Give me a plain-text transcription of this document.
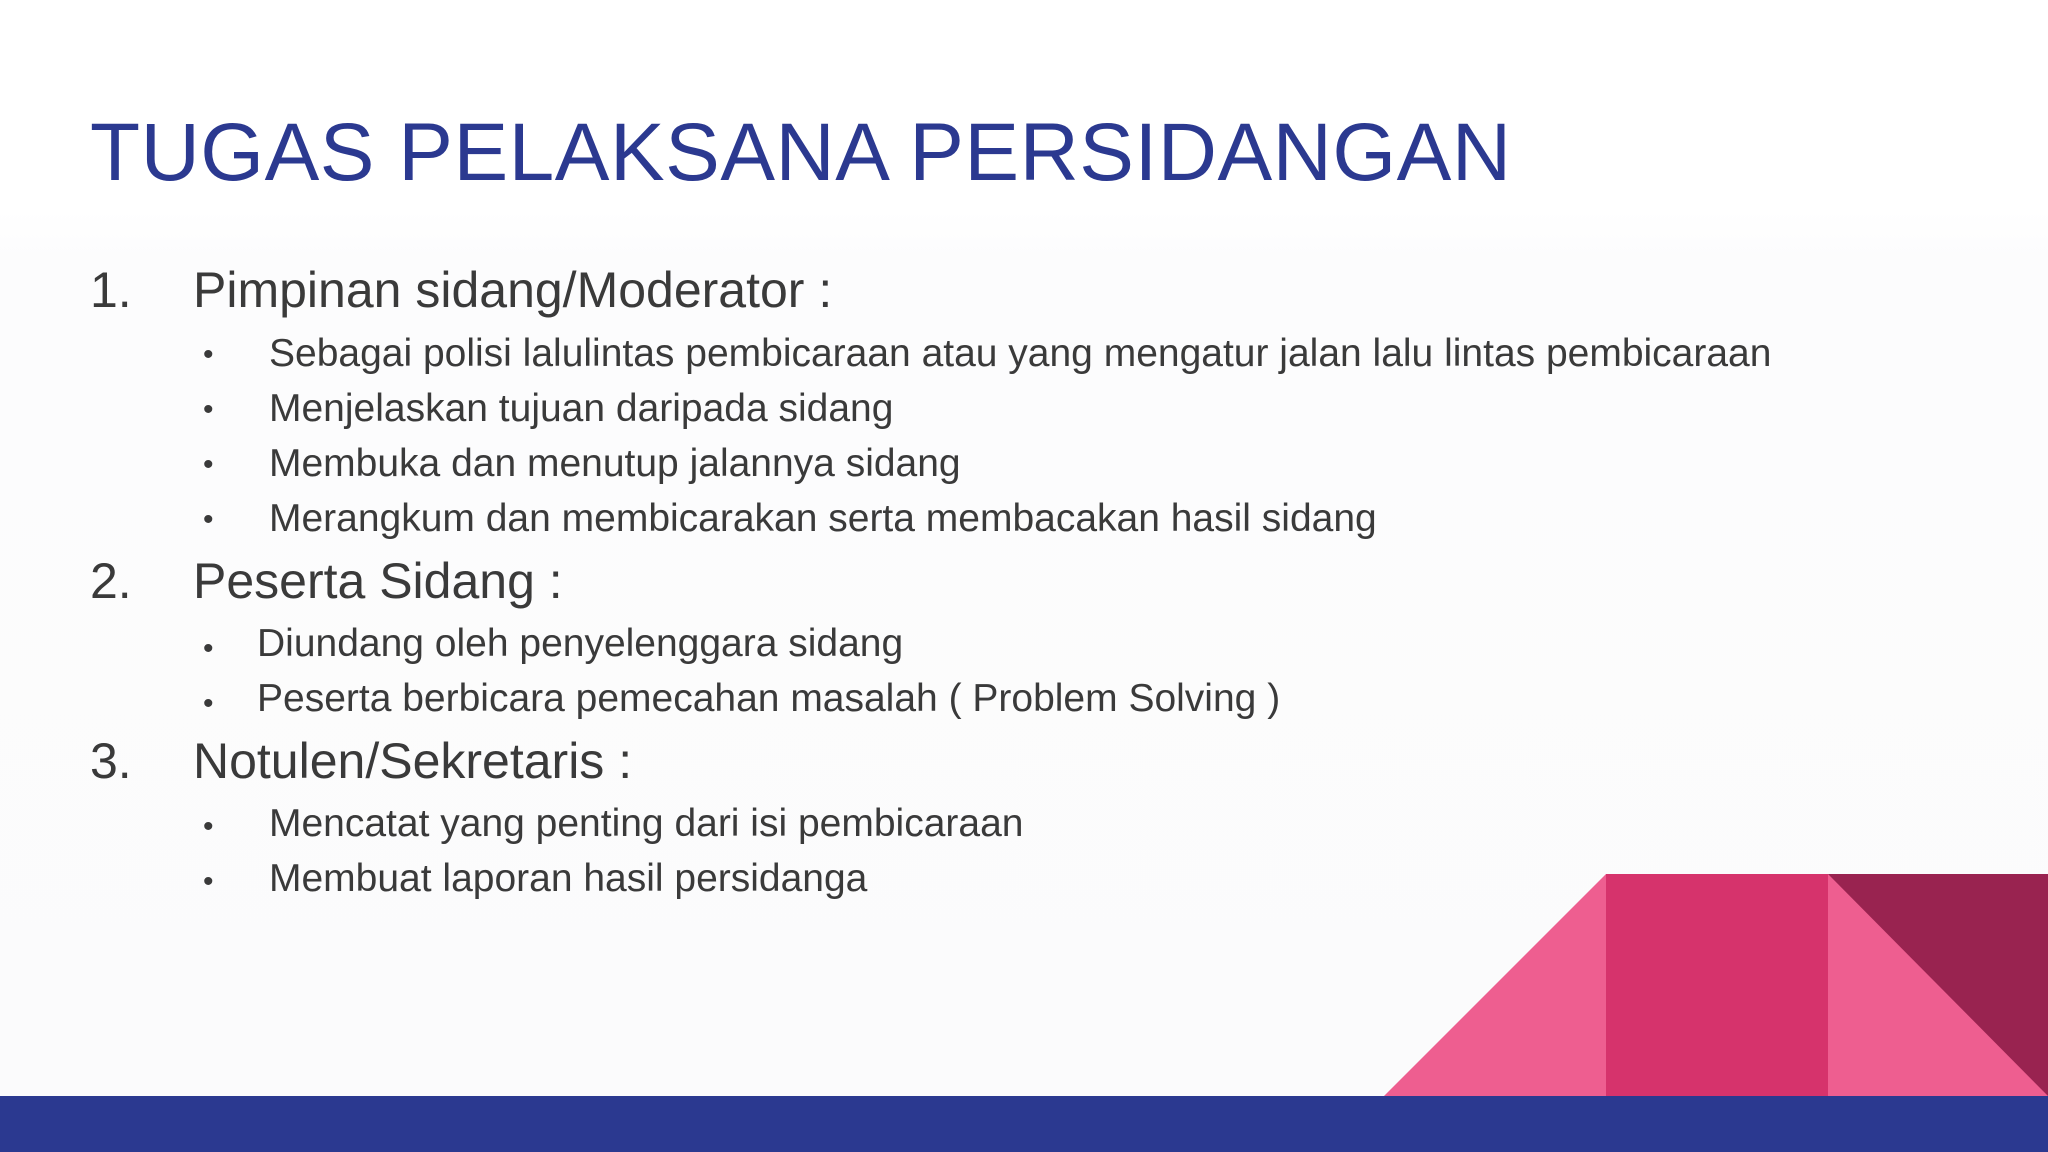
TUGAS PELAKSANA PERSIDANGAN
1. Pimpinan sidang/Moderator :
• Sebagai polisi lalulintas pembicaraan atau yang mengatur jalan lalu lintas pembicaraan
• Menjelaskan tujuan daripada sidang
• Membuka dan menutup jalannya sidang
• Merangkum dan membicarakan serta membacakan hasil sidang
2. Peserta Sidang :
• Diundang oleh penyelenggara sidang
• Peserta berbicara pemecahan masalah ( Problem Solving )
3. Notulen/Sekretaris :
• Mencatat yang penting dari isi pembicaraan
• Membuat laporan hasil persidanga
